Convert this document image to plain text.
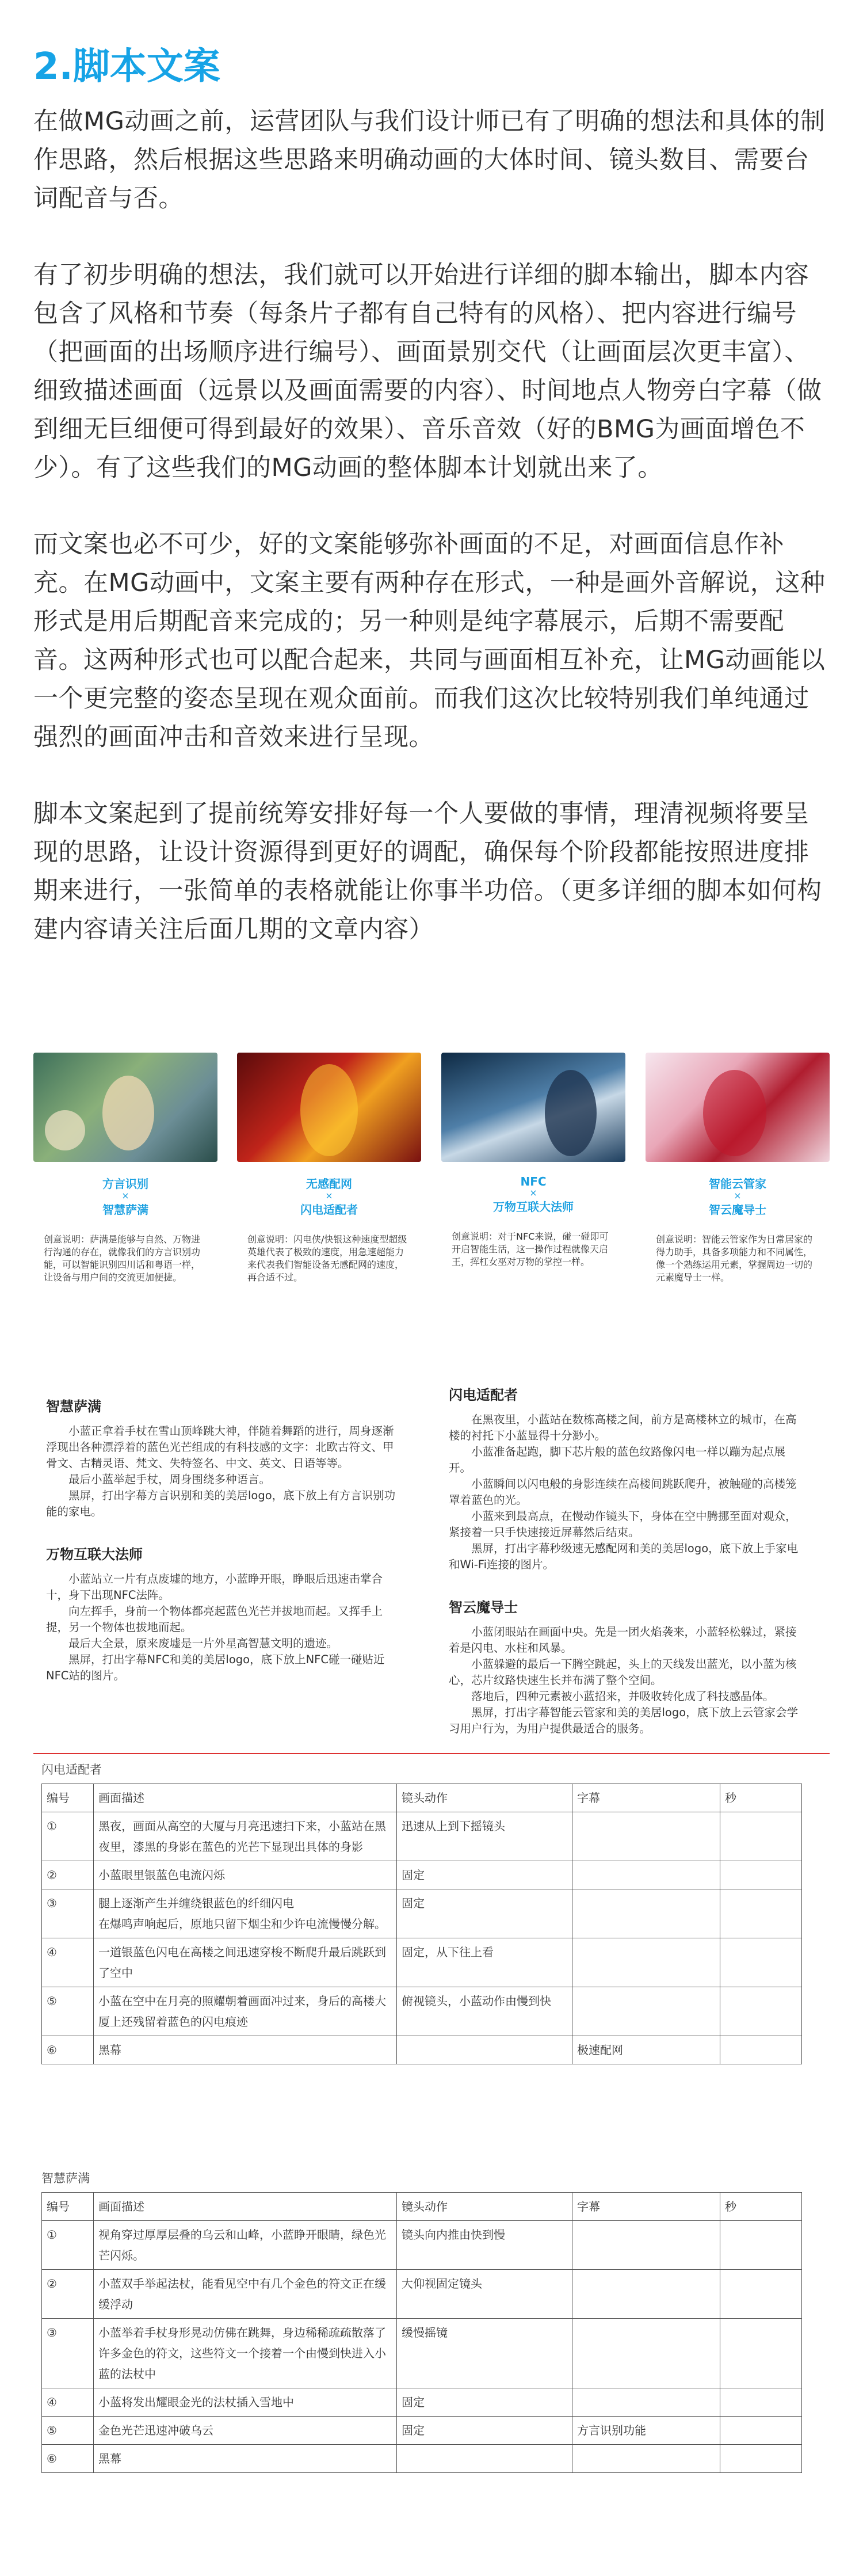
2.脚本文案

在做MG动画之前，运营团队与我们设计师已有了明确的想法和具体的制作思路，然后根据这些思路来明确动画的大体时间、镜头数目、需要台词配音与否。

有了初步明确的想法，我们就可以开始进行详细的脚本输出，脚本内容包含了风格和节奏（每条片子都有自己特有的风格）、把内容进行编号（把画面的出场顺序进行编号）、画面景别交代（让画面层次更丰富）、细致描述画面（远景以及画面需要的内容）、时间地点人物旁白字幕（做到细无巨细便可得到最好的效果）、音乐音效（好的BMG为画面增色不少）。有了这些我们的MG动画的整体脚本计划就出来了。

而文案也必不可少，好的文案能够弥补画面的不足，对画面信息作补充。在MG动画中，文案主要有两种存在形式，一种是画外音解说，这种形式是用后期配音来完成的；另一种则是纯字幕展示，后期不需要配音。这两种形式也可以配合起来，共同与画面相互补充，让MG动画能以一个更完整的姿态呈现在观众面前。而我们这次比较特别我们单纯通过强烈的画面冲击和音效来进行呈现。

脚本文案起到了提前统筹安排好每一个人要做的事情，理清视频将要呈现的思路，让设计资源得到更好的调配，确保每个阶段都能按照进度排期来进行，一张简单的表格就能让你事半功倍。（更多详细的脚本如何构建内容请关注后面几期的文章内容）

方言识别
×
智慧萨满
创意说明：萨满是能够与自然、万物进行沟通的存在，就像我们的方言识别功能，可以智能识别四川话和粤语一样，让设备与用户间的交流更加便捷。
无感配网
×
闪电适配者
创意说明：闪电侠/快银这种速度型超级英雄代表了极致的速度，用急速超能力来代表我们智能设备无感配网的速度，再合适不过。
NFC
×
万物互联大法师
创意说明：对于NFC来说，碰一碰即可开启智能生活，这一操作过程就像天启王，挥杠女巫对万物的掌控一样。
智能云管家
×
智云魔导士
创意说明：智能云管家作为日常居家的得力助手，具备多项能力和不同属性，像一个熟练运用元素，掌握周边一切的元素魔导士一样。
智慧萨满

小蓝正拿着手杖在雪山顶峰跳大神，伴随着舞蹈的进行，周身逐渐浮现出各种漂浮着的蓝色光芒组成的有科技感的文字：北欧古符文、甲骨文、古精灵语、梵文、失特签名、中文、英文、日语等等。

最后小蓝举起手杖，周身围绕多种语言。

黑屏，打出字幕方言识别和美的美居logo，底下放上有方言识别功能的家电。

万物互联大法师

小蓝站立一片有点废墟的地方，小蓝睁开眼，睁眼后迅速击掌合十，身下出现NFC法阵。

向左挥手，身前一个物体都亮起蓝色光芒并拔地而起。又挥手上提，另一个物体也拔地而起。

最后大全景，原来废墟是一片外星高智慧文明的遗迹。

黑屏，打出字幕NFC和美的美居logo，底下放上NFC碰一碰贴近NFC站的图片。

闪电适配者

在黑夜里，小蓝站在数栋高楼之间，前方是高楼林立的城市，在高楼的衬托下小蓝显得十分渺小。

小蓝准备起跑，脚下芯片般的蓝色纹路像闪电一样以蹦为起点展开。

小蓝瞬间以闪电般的身影连续在高楼间跳跃爬升，被触碰的高楼笼罩着蓝色的光。

小蓝来到最高点，在慢动作镜头下，身体在空中腾挪至面对观众，紧接着一只手快速接近屏幕然后结束。

黑屏，打出字幕秒级速无感配网和美的美居logo，底下放上手家电和Wi-Fi连接的图片。

智云魔导士

小蓝闭眼站在画面中央。先是一团火焰袭来，小蓝轻松躲过，紧接着是闪电、水柱和风暴。

小蓝躲避的最后一下腾空跳起，头上的天线发出蓝光，以小蓝为核心，芯片纹路快速生长并布满了整个空间。

落地后，四种元素被小蓝招来，并吸收转化成了科技感晶体。

黑屏，打出字幕智能云管家和美的美居logo，底下放上云管家会学习用户行为，为用户提供最适合的服务。

闪电适配者
编号	画面描述	镜头动作	字幕	秒
①	黑夜，画面从高空的大厦与月亮迅速扫下来，小蓝站在黑夜里，漆黑的身影在蓝色的光芒下显现出具体的身影	迅速从上到下摇镜头		
②	小蓝眼里银蓝色电流闪烁	固定		
③	腿上逐渐产生并缠绕银蓝色的纤细闪电
在爆鸣声响起后，原地只留下烟尘和少许电流慢慢分解。	固定		
④	一道银蓝色闪电在高楼之间迅速穿梭不断爬升最后跳跃到了空中	固定，从下往上看		
⑤	小蓝在空中在月亮的照耀朝着画面冲过来，身后的高楼大厦上还残留着蓝色的闪电痕迹	俯视镜头，小蓝动作由慢到快		
⑥	黑幕		极速配网	
智慧萨满
编号	画面描述	镜头动作	字幕	秒
①	视角穿过厚厚层叠的乌云和山峰，小蓝睁开眼睛，绿色光芒闪烁。	镜头向内推由快到慢		
②	小蓝双手举起法杖，能看见空中有几个金色的符文正在缓缓浮动	大仰视固定镜头		
③	小蓝举着手杖身形晃动仿佛在跳舞，身边稀稀疏疏散落了许多金色的符文，这些符文一个接着一个由慢到快进入小蓝的法杖中	缓慢摇镜		
④	小蓝将发出耀眼金光的法杖插入雪地中	固定		
⑤	金色光芒迅速冲破乌云	固定	方言识别功能	
⑥	黑幕			
